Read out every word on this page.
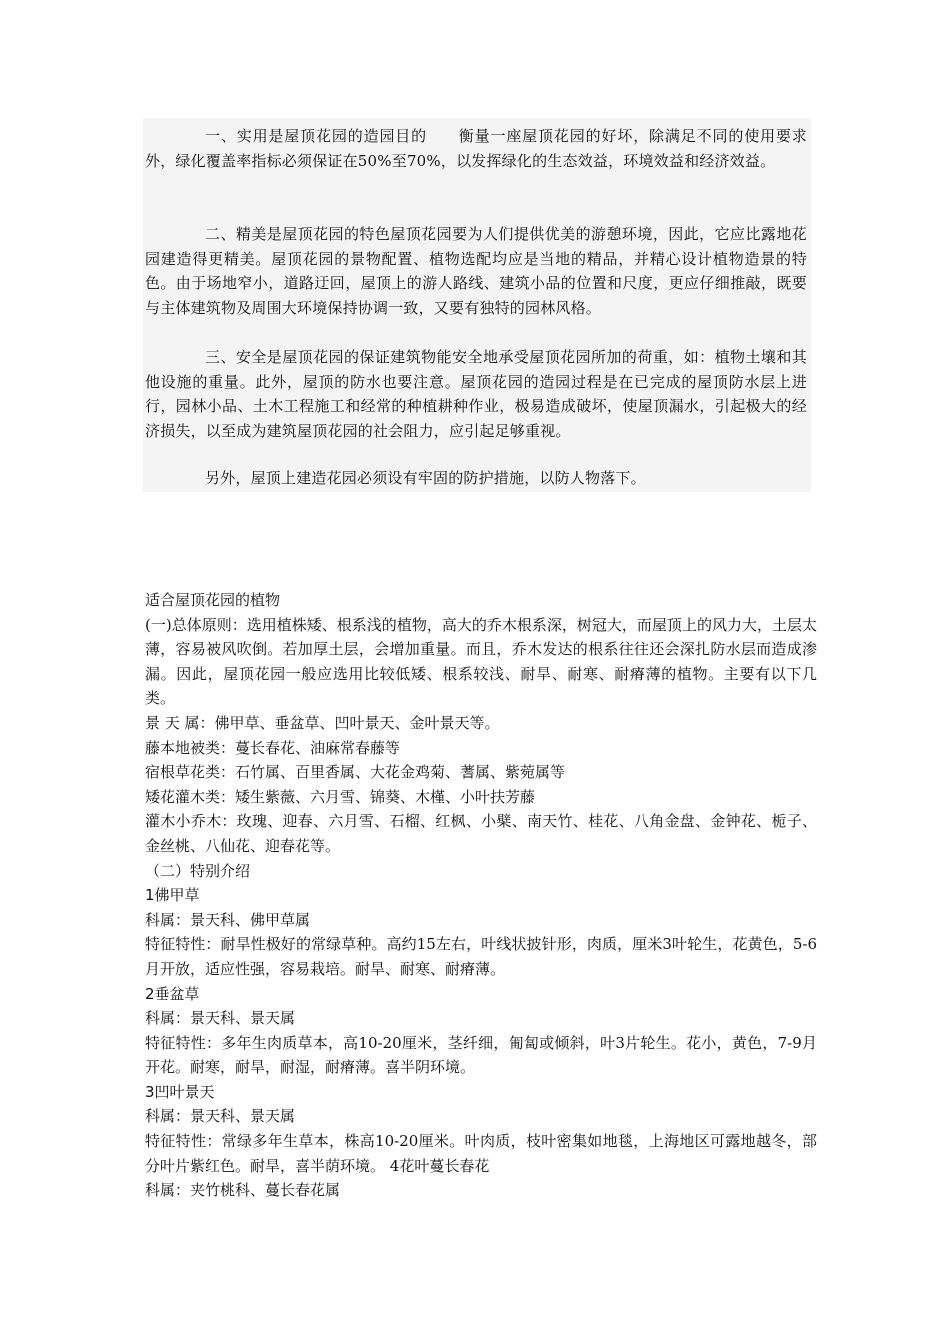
一、实用是屋顶花园的造园目的　　衡量一座屋顶花园的好坏，除满足不同的使用要求外，绿化覆盖率指标必须保证在50%至70%，以发挥绿化的生态效益，环境效益和经济效益。

二、精美是屋顶花园的特色屋顶花园要为人们提供优美的游憩环境，因此，它应比露地花园建造得更精美。屋顶花园的景物配置、植物选配均应是当地的精品，并精心设计植物造景的特色。由于场地窄小，道路迂回，屋顶上的游人路线、建筑小品的位置和尺度，更应仔细推敲，既要与主体建筑物及周围大环境保持协调一致，又要有独特的园林风格。

三、安全是屋顶花园的保证建筑物能安全地承受屋顶花园所加的荷重，如：植物土壤和其他设施的重量。此外，屋顶的防水也要注意。屋顶花园的造园过程是在已完成的屋顶防水层上进行，园林小品、土木工程施工和经常的种植耕种作业，极易造成破坏，使屋顶漏水，引起极大的经济损失，以至成为建筑屋顶花园的社会阻力，应引起足够重视。

另外，屋顶上建造花园必须设有牢固的防护措施，以防人物落下。

适合屋顶花园的植物

(一)总体原则：选用植株矮、根系浅的植物，高大的乔木根系深，树冠大，而屋顶上的风力大，土层太薄，容易被风吹倒。若加厚土层，会增加重量。而且，乔木发达的根系往往还会深扎防水层而造成渗漏。因此，屋顶花园一般应选用比较低矮、根系较浅、耐旱、耐寒、耐瘠薄的植物。主要有以下几类。

景 天 属：佛甲草、垂盆草、凹叶景天、金叶景天等。

藤本地被类：蔓长春花、油麻常春藤等

宿根草花类：石竹属、百里香属、大花金鸡菊、蓍属、紫菀属等

矮花灌木类：矮生紫薇、六月雪、锦葵、木槿、小叶扶芳藤

灌木小乔木：玫瑰、迎春、六月雪、石榴、红枫、小檗、南天竹、桂花、八角金盘、金钟花、栀子、金丝桃、八仙花、迎春花等。

（二）特别介绍

1佛甲草

科属：景天科、佛甲草属

特征特性：耐旱性极好的常绿草种。高约15左右，叶线状披针形，肉质，厘米3叶轮生，花黄色，5-6月开放，适应性强，容易栽培。耐旱、耐寒、耐瘠薄。

2垂盆草

科属：景天科、景天属

特征特性：多年生肉质草本，高10-20厘米，茎纤细，匍匐或倾斜，叶3片轮生。花小，黄色，7-9月开花。耐寒，耐旱，耐湿，耐瘠薄。喜半阴环境。

3凹叶景天

科属：景天科、景天属

特征特性：常绿多年生草本，株高10-20厘米。叶肉质，枝叶密集如地毯，上海地区可露地越冬，部分叶片紫红色。耐旱，喜半荫环境。 4花叶蔓长春花

科属：夹竹桃科、蔓长春花属
